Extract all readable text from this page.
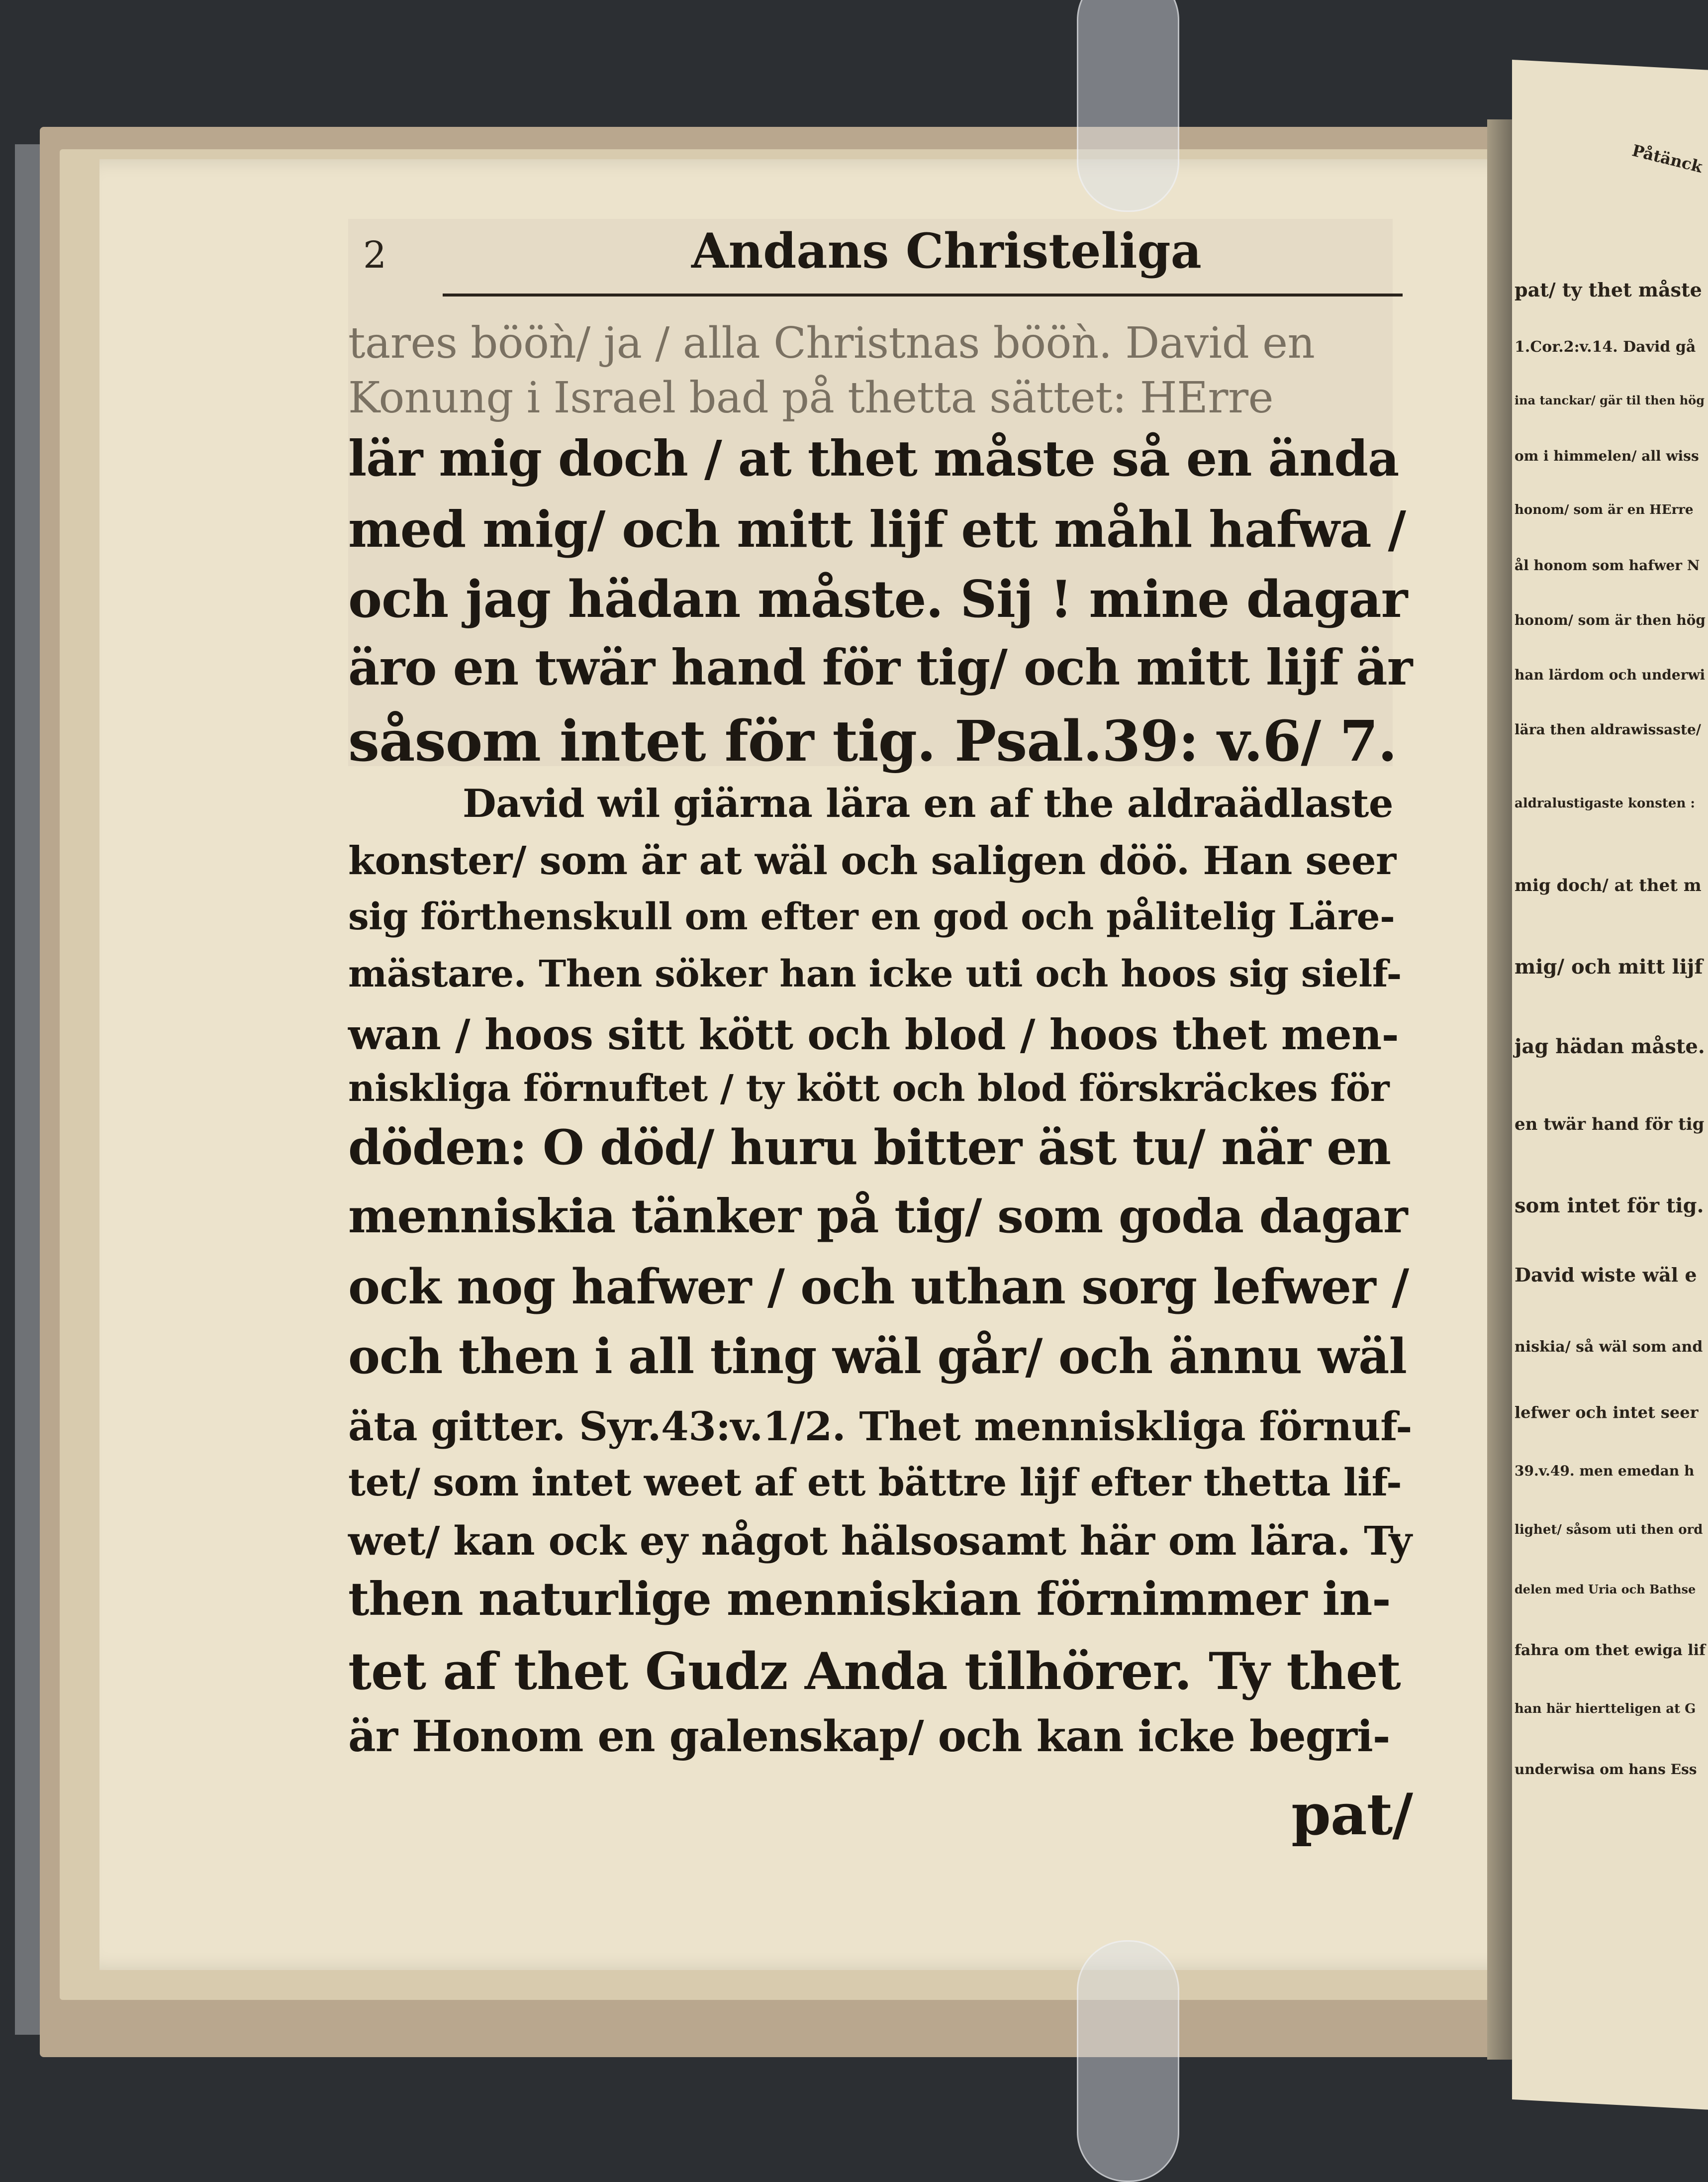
2	Andans Christeliga
tares bööǹ/ ja / alla Christnas bööǹ. David en
Konung i Israel bad på thetta sättet: HErre
lär mig doch / at thet måste så en ända
med mig/ och mitt lijf ett måhl hafwa /
och jag hädan måste. Sij ! mine dagar
äro en twär hand för tig/ och mitt lijf är
såsom intet för tig. Psal.39: v.6/ 7.
David wil giärna lära en af the aldraädlaste
konster/ som är at wäl och saligen döö. Han seer
sig förthenskull om efter en god och pålitelig Läre-
mästare. Then söker han icke uti och hoos sig sielf-
wan / hoos sitt kött och blod / hoos thet men-
niskliga förnuftet / ty kött och blod förskräckes för
döden: O död/ huru bitter äst tu/ när en
menniskia tänker på tig/ som goda dagar
ock nog hafwer / och uthan sorg lefwer /
och then i all ting wäl går/ och ännu wäl
äta gitter. Syr.43:v.1/2. Thet menniskliga förnuf-
tet/ som intet weet af ett bättre lijf efter thetta lif-
wet/ kan ock ey något hälsosamt här om lära. Ty
then naturlige menniskian förnimmer in-
tet af thet Gudz Anda tilhörer. Ty thet
är Honom en galenskap/ och kan icke begri-
pat/
Påtänck
pat/ ty thet måste
1.Cor.2:v.14. David gå
ina tanckar/ gär til then hög
om i himmelen/ all wiss
honom/ som är en HErre
ål honom som hafwer N
honom/ som är then hög
han lärdom och underwi
lära then aldrawissaste/
aldralustigaste konsten :
mig doch/ at thet m
mig/ och mitt lijf
jag hädan måste.
en twär hand för tig
som intet för tig.
David wiste wäl e
niskia/ så wäl som and
lefwer och intet seer
39.v.49. men emedan h
lighet/ såsom uti then ord
delen med Uria och Bathse
fahra om thet ewiga lif
han här hiertteligen at G
underwisa om hans Ess
